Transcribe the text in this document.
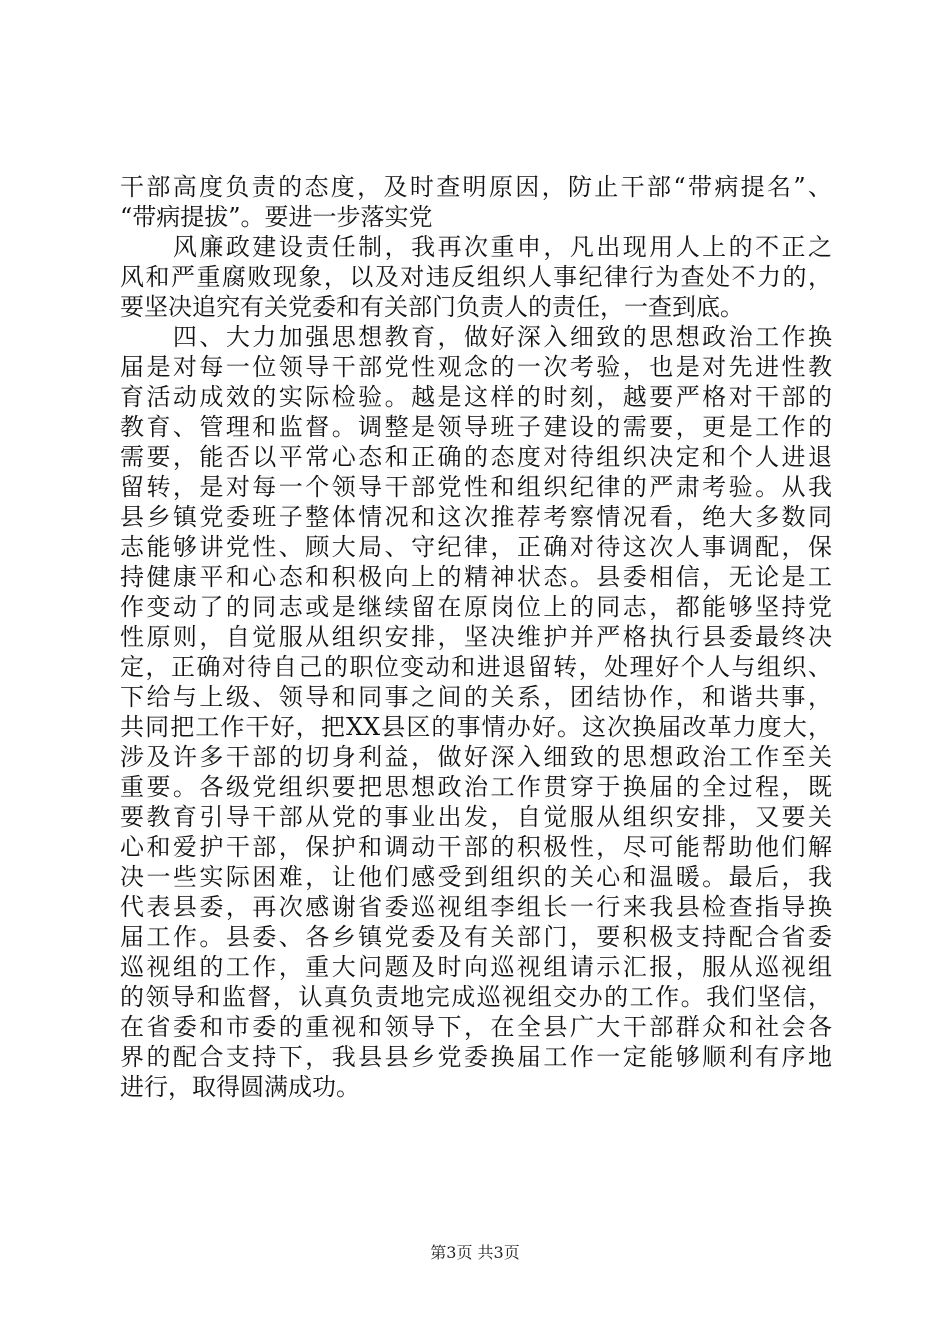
干部高度负责的态度，及时查明原因，防止干部“带病提名”、
“带病提拔”。要进一步落实党
　　风廉政建设责任制，我再次重申，凡出现用人上的不正之
风和严重腐败现象，以及对违反组织人事纪律行为查处不力的，
要坚决追究有关党委和有关部门负责人的责任，一查到底。
　　四、大力加强思想教育，做好深入细致的思想政治工作换
届是对每一位领导干部党性观念的一次考验，也是对先进性教
育活动成效的实际检验。越是这样的时刻，越要严格对干部的
教育、管理和监督。调整是领导班子建设的需要，更是工作的
需要，能否以平常心态和正确的态度对待组织决定和个人进退
留转，是对每一个领导干部党性和组织纪律的严肃考验。从我
县乡镇党委班子整体情况和这次推荐考察情况看，绝大多数同
志能够讲党性、顾大局、守纪律，正确对待这次人事调配，保
持健康平和心态和积极向上的精神状态。县委相信，无论是工
作变动了的同志或是继续留在原岗位上的同志，都能够坚持党
性原则，自觉服从组织安排，坚决维护并严格执行县委最终决
定，正确对待自己的职位变动和进退留转，处理好个人与组织、
下给与上级、领导和同事之间的关系，团结协作，和谐共事，
共同把工作干好，把XX县区的事情办好。这次换届改革力度大，
涉及许多干部的切身利益，做好深入细致的思想政治工作至关
重要。各级党组织要把思想政治工作贯穿于换届的全过程，既
要教育引导干部从党的事业出发，自觉服从组织安排，又要关
心和爱护干部，保护和调动干部的积极性，尽可能帮助他们解
决一些实际困难，让他们感受到组织的关心和温暖。最后，我
代表县委，再次感谢省委巡视组李组长一行来我县检查指导换
届工作。县委、各乡镇党委及有关部门，要积极支持配合省委
巡视组的工作，重大问题及时向巡视组请示汇报，服从巡视组
的领导和监督，认真负责地完成巡视组交办的工作。我们坚信，
在省委和市委的重视和领导下，在全县广大干部群众和社会各
界的配合支持下，我县县乡党委换届工作一定能够顺利有序地
进行，取得圆满成功。
第3页 共3页
